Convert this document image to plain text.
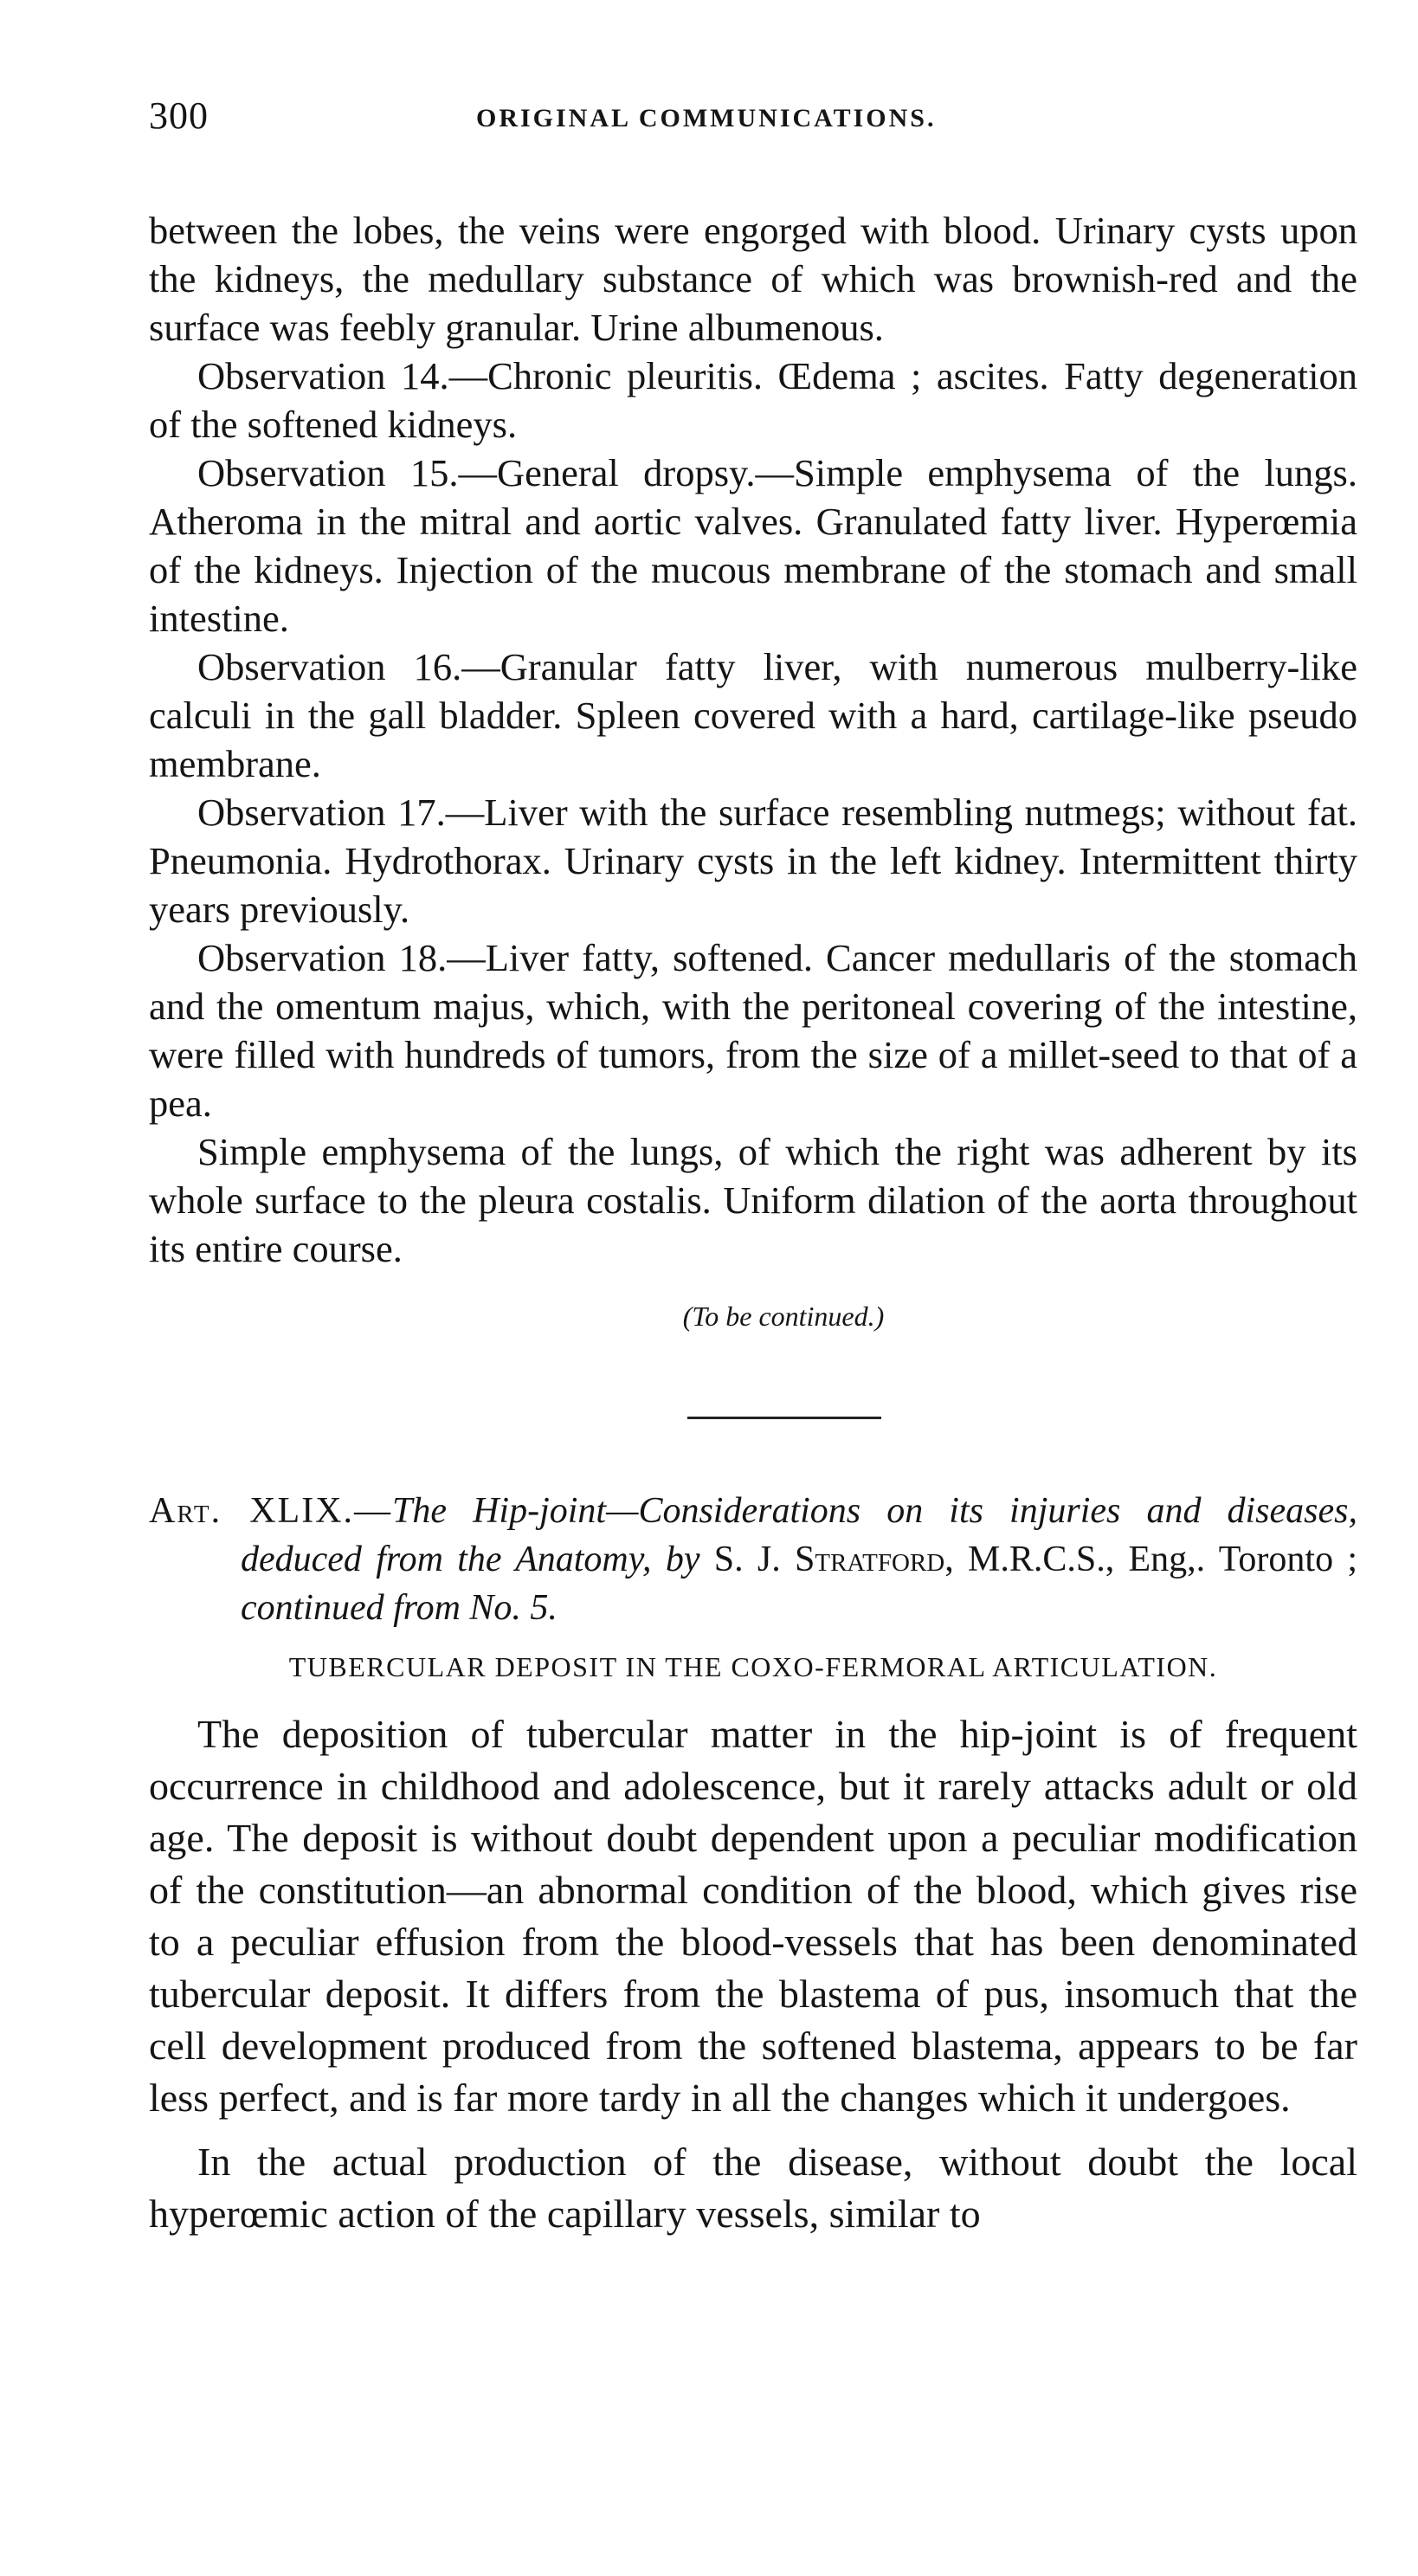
300	ORIGINAL COMMUNICATIONS.

between the lobes, the veins were engorged with blood. Urinary cysts upon the kidneys, the medullary substance of which was brownish-red and the surface was feebly granular. Urine albumenous.

Observation 14.—Chronic pleuritis. Œdema ; ascites. Fatty degeneration of the softened kidneys.

Observation 15.—General dropsy.—Simple emphysema of the lungs. Atheroma in the mitral and aortic valves. Granulated fatty liver. Hyperœmia of the kidneys. Injection of the mucous membrane of the stomach and small intestine.

Observation 16.—Granular fatty liver, with numerous mulberry-like calculi in the gall bladder. Spleen covered with a hard, cartilage-like pseudo membrane.

Observation 17.—Liver with the surface resembling nutmegs; without fat. Pneumonia. Hydrothorax. Urinary cysts in the left kidney. Intermittent thirty years previously.

Observation 18.—Liver fatty, softened. Cancer medullaris of the stomach and the omentum majus, which, with the peritoneal covering of the intestine, were filled with hundreds of tumors, from the size of a millet-seed to that of a pea.

Simple emphysema of the lungs, of which the right was adherent by its whole surface to the pleura costalis. Uniform dilation of the aorta throughout its entire course.

(To be continued.)

Art. XLIX.—The Hip-joint—Considerations on its injuries and diseases, deduced from the Anatomy, by S. J. Stratford, M.R.C.S., Eng,. Toronto ; continued from No. 5.

TUBERCULAR DEPOSIT IN THE COXO-FERMORAL ARTICULATION.

The deposition of tubercular matter in the hip-joint is of frequent occurrence in childhood and adolescence, but it rarely attacks adult or old age. The deposit is without doubt dependent upon a peculiar modification of the constitution—an abnormal condition of the blood, which gives rise to a peculiar effusion from the blood-vessels that has been denominated tubercular deposit. It differs from the blastema of pus, insomuch that the cell development produced from the softened blastema, appears to be far less perfect, and is far more tardy in all the changes which it undergoes.

In the actual production of the disease, without doubt the local hyperœmic action of the capillary vessels, similar to
